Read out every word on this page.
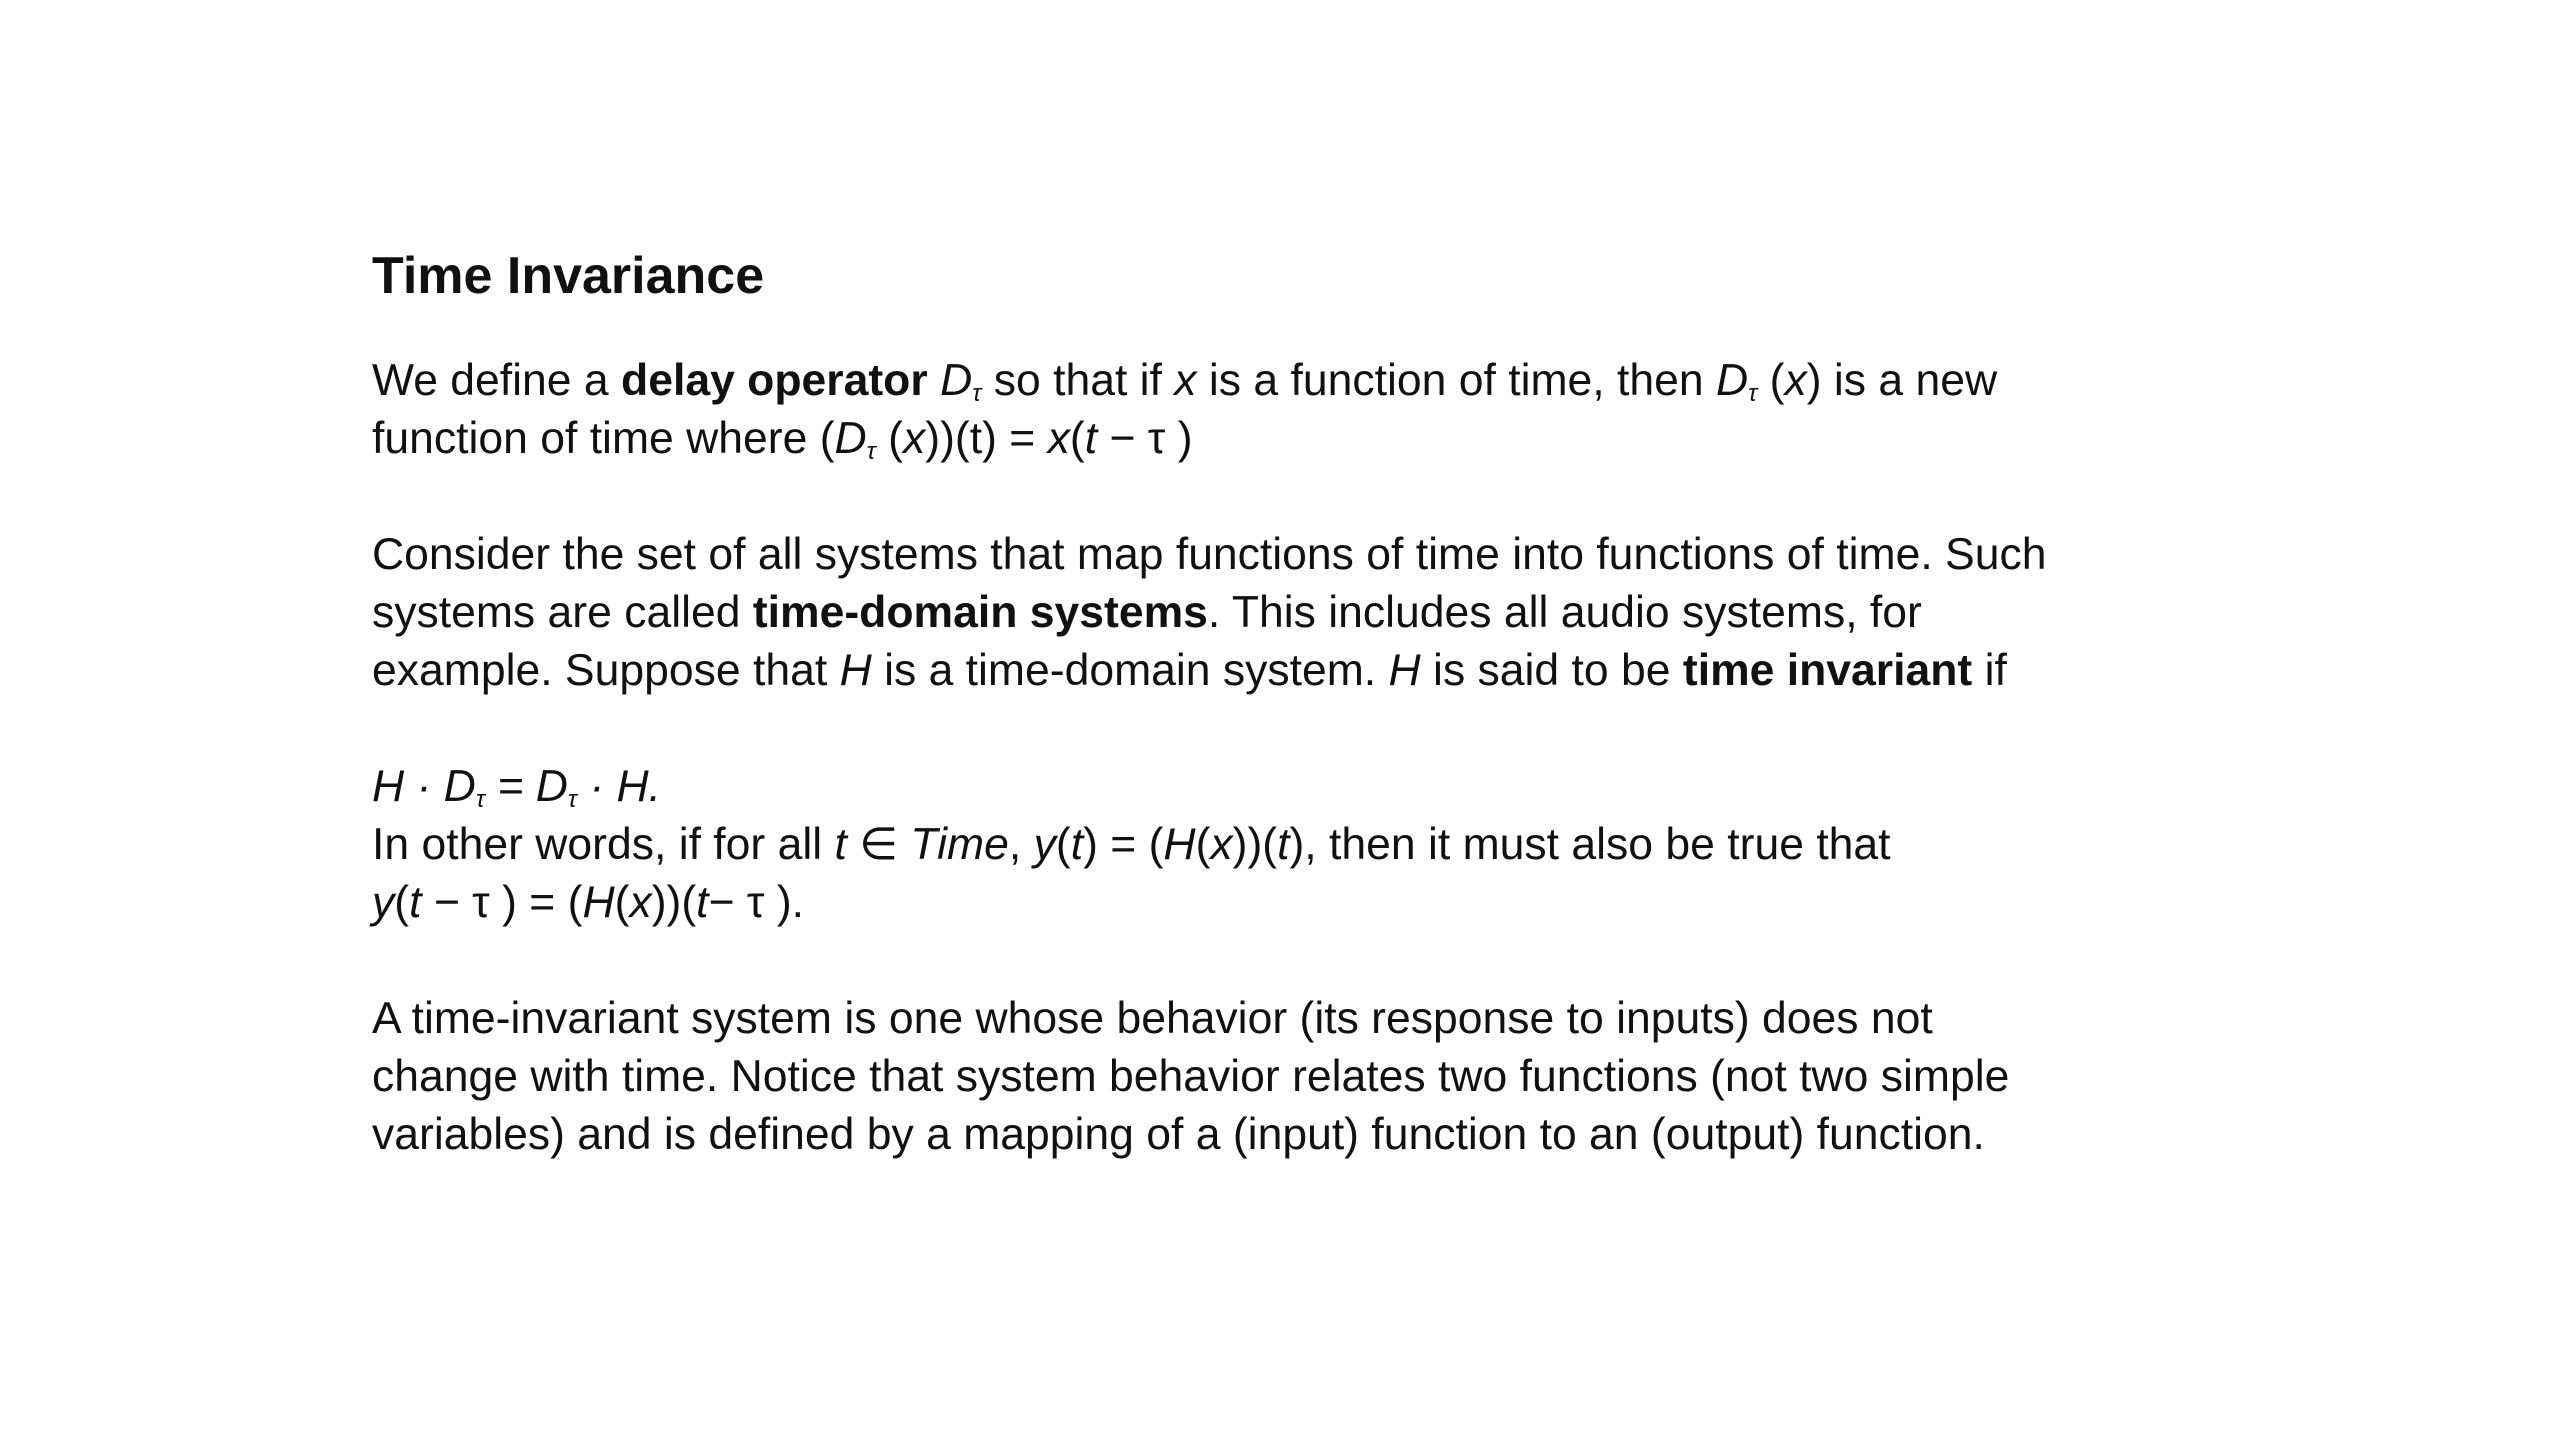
Time Invariance
We define a delay operator $D_\tau$ so that if x is a function of time, then $D_\tau$ (x) is a new
function of time where ($D_\tau$ (x))(t) = x(t − τ )
Consider the set of all systems that map functions of time into functions of time. Such
systems are called time-domain systems. This includes all audio systems, for
example. Suppose that H is a time-domain system. H is said to be time invariant if
$H \cdot D_\tau = D_\tau \cdot H$.
In other words, if for all t ∈ Time, y(t) = (H(x))(t), then it must also be true that
y(t − τ ) = (H(x))(t− τ ).
A time-invariant system is one whose behavior (its response to inputs) does not
change with time. Notice that system behavior relates two functions (not two simple
variables) and is defined by a mapping of a (input) function to an (output) function.
